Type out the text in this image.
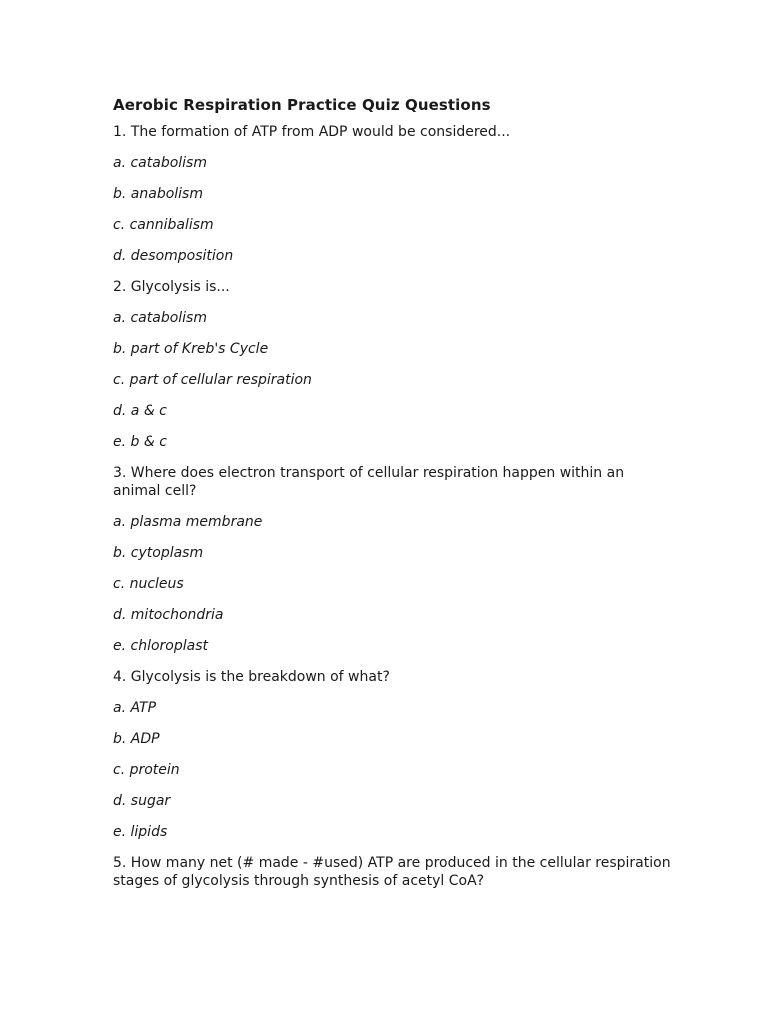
Aerobic Respiration Practice Quiz Questions
1. The formation of ATP from ADP would be considered...
a. catabolism
b. anabolism
c. cannibalism
d. desomposition
2. Glycolysis is...
a. catabolism
b. part of Kreb's Cycle
c. part of cellular respiration
d. a & c
e. b & c
3. Where does electron transport of cellular respiration happen within an animal cell?
a. plasma membrane
b. cytoplasm
c. nucleus
d. mitochondria
e. chloroplast
4. Glycolysis is the breakdown of what?
a. ATP
b. ADP
c. protein
d. sugar
e. lipids
5. How many net (# made - #used) ATP are produced in the cellular respiration stages of glycolysis through synthesis of acetyl CoA?
